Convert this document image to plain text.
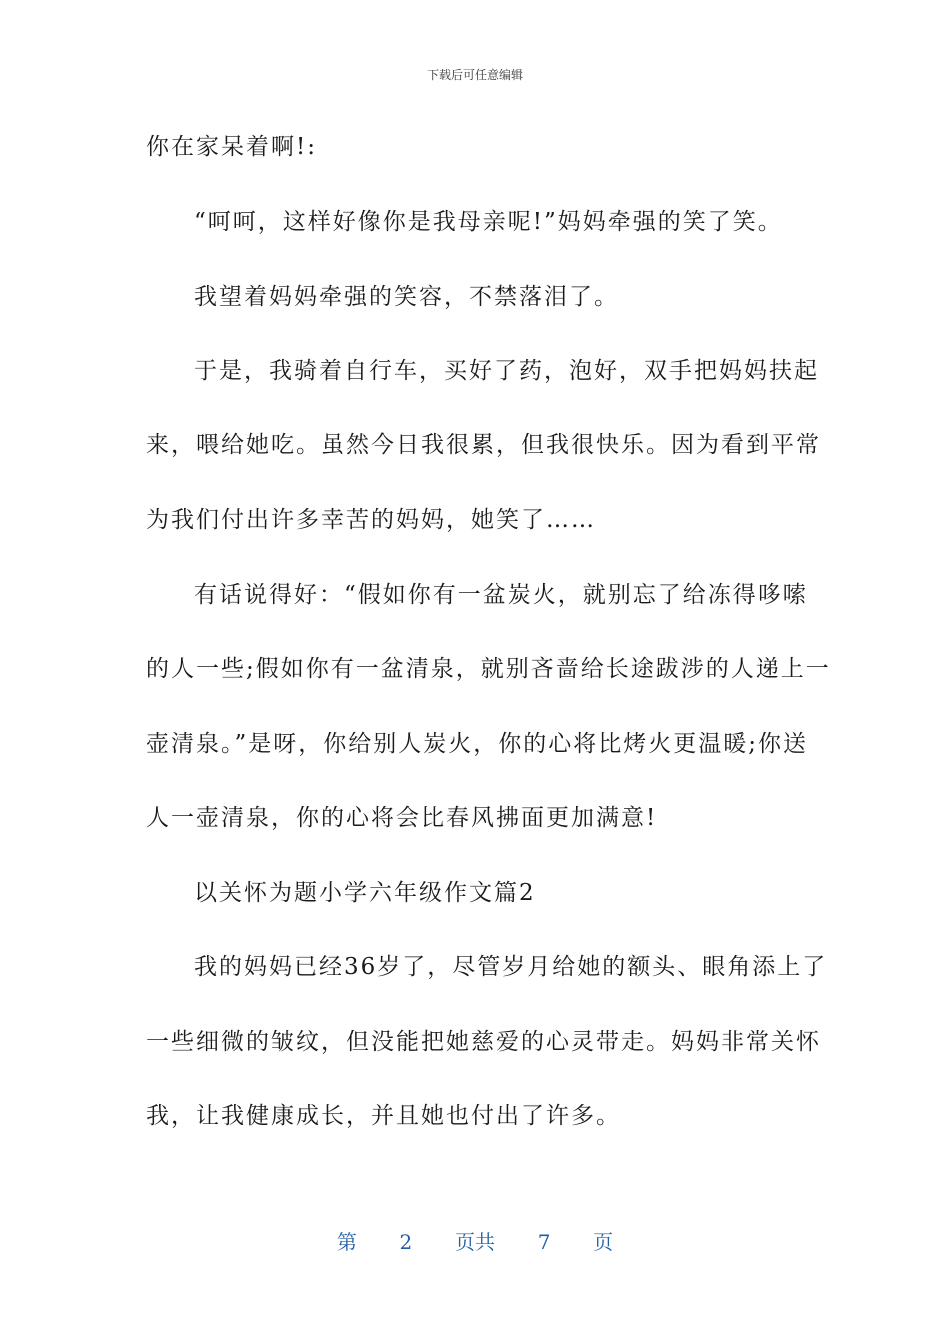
下载后可任意编辑
你在家呆着啊!:
“呵呵，这样好像你是我母亲呢!”妈妈牵强的笑了笑。
我望着妈妈牵强的笑容，不禁落泪了。
于是，我骑着自行车，买好了药，泡好，双手把妈妈扶起
来，喂给她吃。虽然今日我很累，但我很快乐。因为看到平常
为我们付出许多幸苦的妈妈，她笑了……
有话说得好：“假如你有一盆炭火，就别忘了给冻得哆嗦
的人一些;假如你有一盆清泉，就别吝啬给长途跋涉的人递上一
壶清泉。”是呀，你给别人炭火，你的心将比烤火更温暖;你送
人一壶清泉，你的心将会比春风拂面更加满意!
以关怀为题小学六年级作文篇2
我的妈妈已经36岁了，尽管岁月给她的额头、眼角添上了
一些细微的皱纹，但没能把她慈爱的心灵带走。妈妈非常关怀
我，让我健康成长，并且她也付出了许多。
第 2 页共 7 页
